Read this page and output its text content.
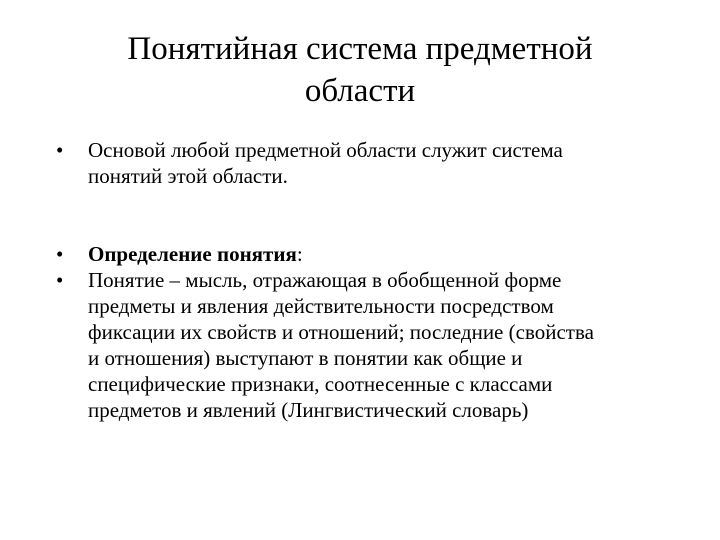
Понятийная система предметной
области

• Основой любой предметной области служит система
понятий этой области.

• Определение понятия:

• Понятие – мысль, отражающая в обобщенной форме
предметы и явления действительности посредством
фиксации их свойств и отношений; последние (свойства
и отношения) выступают в понятии как общие и
специфические признаки, соотнесенные с классами
предметов и явлений (Лингвистический словарь)
